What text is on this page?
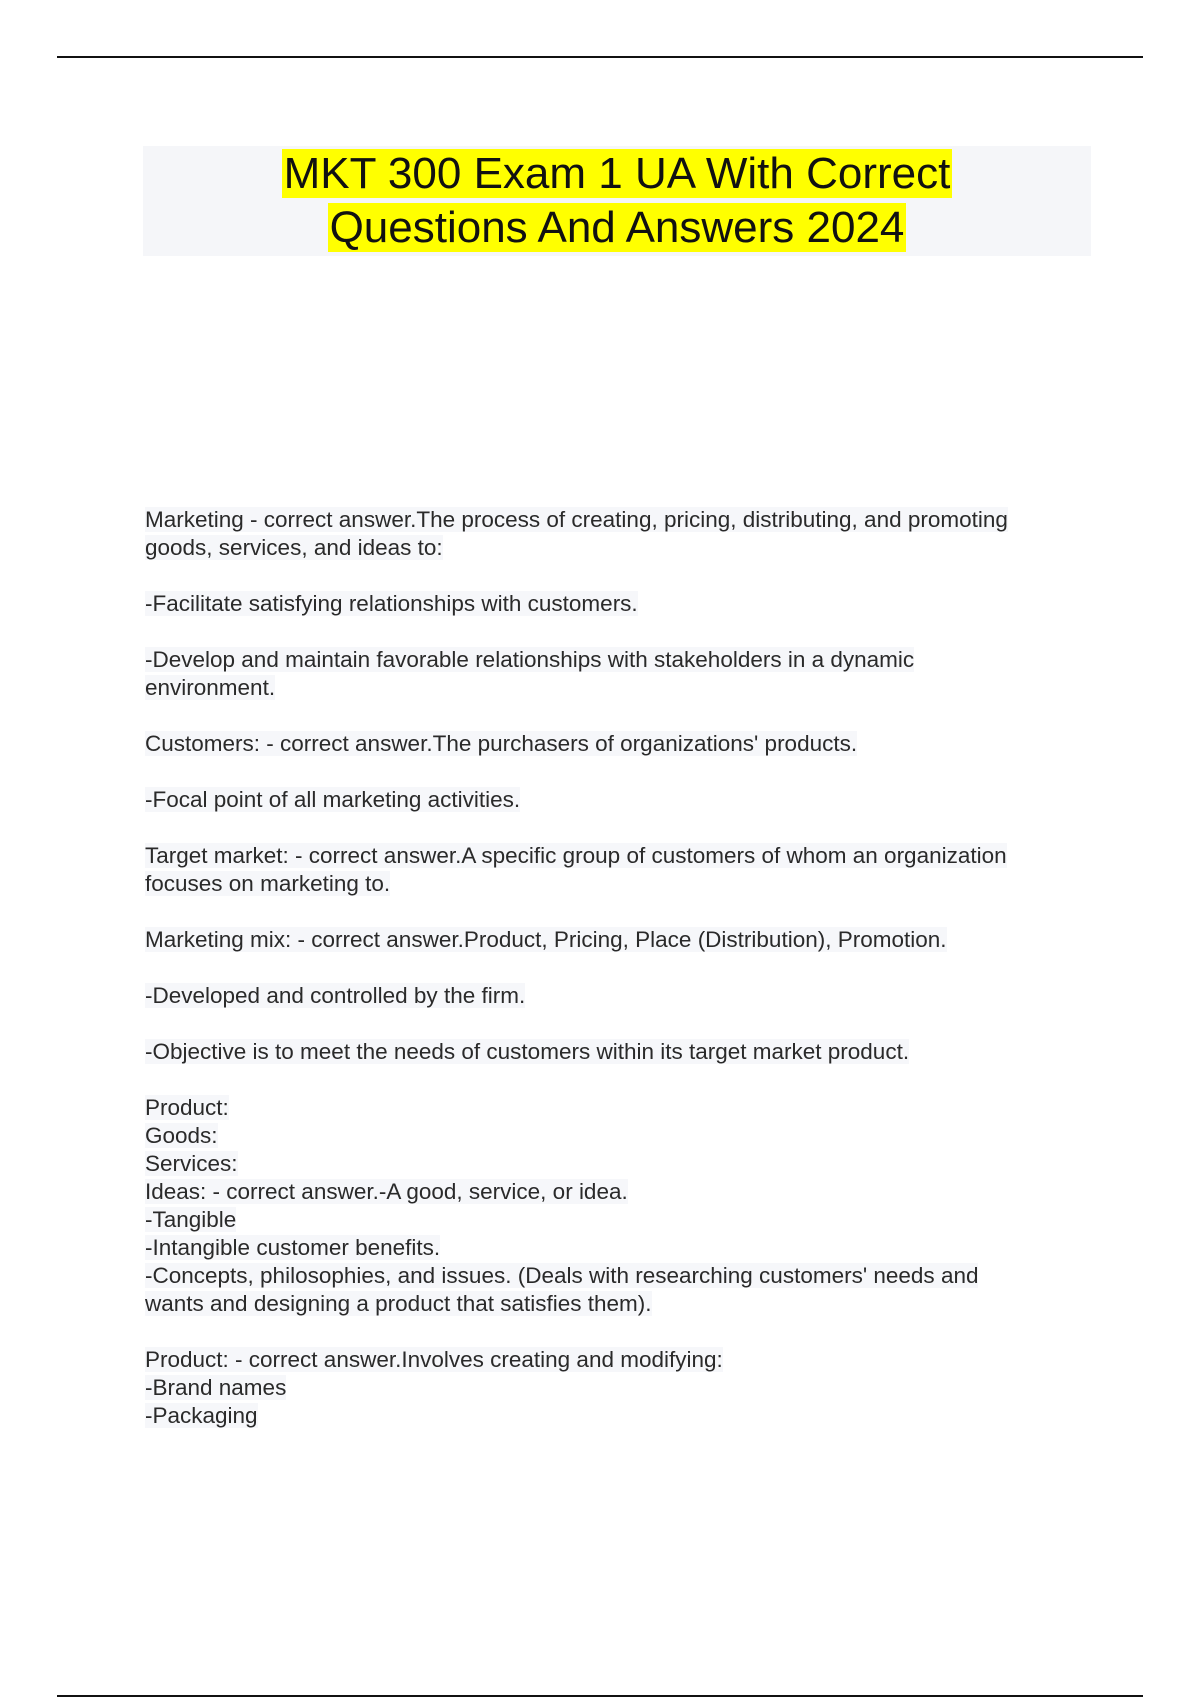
MKT 300 Exam 1 UA With Correct
Questions And Answers 2024
Marketing - correct answer.The process of creating, pricing, distributing, and promoting
goods, services, and ideas to:
-Facilitate satisfying relationships with customers.
-Develop and maintain favorable relationships with stakeholders in a dynamic
environment.
Customers: - correct answer.The purchasers of organizations' products.
-Focal point of all marketing activities.
Target market: - correct answer.A specific group of customers of whom an organization
focuses on marketing to.
Marketing mix: - correct answer.Product, Pricing, Place (Distribution), Promotion.
-Developed and controlled by the firm.
-Objective is to meet the needs of customers within its target market product.
Product:
Goods:
Services:
Ideas: - correct answer.-A good, service, or idea.
-Tangible
-Intangible customer benefits.
-Concepts, philosophies, and issues. (Deals with researching customers' needs and
wants and designing a product that satisfies them).
Product: - correct answer.Involves creating and modifying:
-Brand names
-Packaging
